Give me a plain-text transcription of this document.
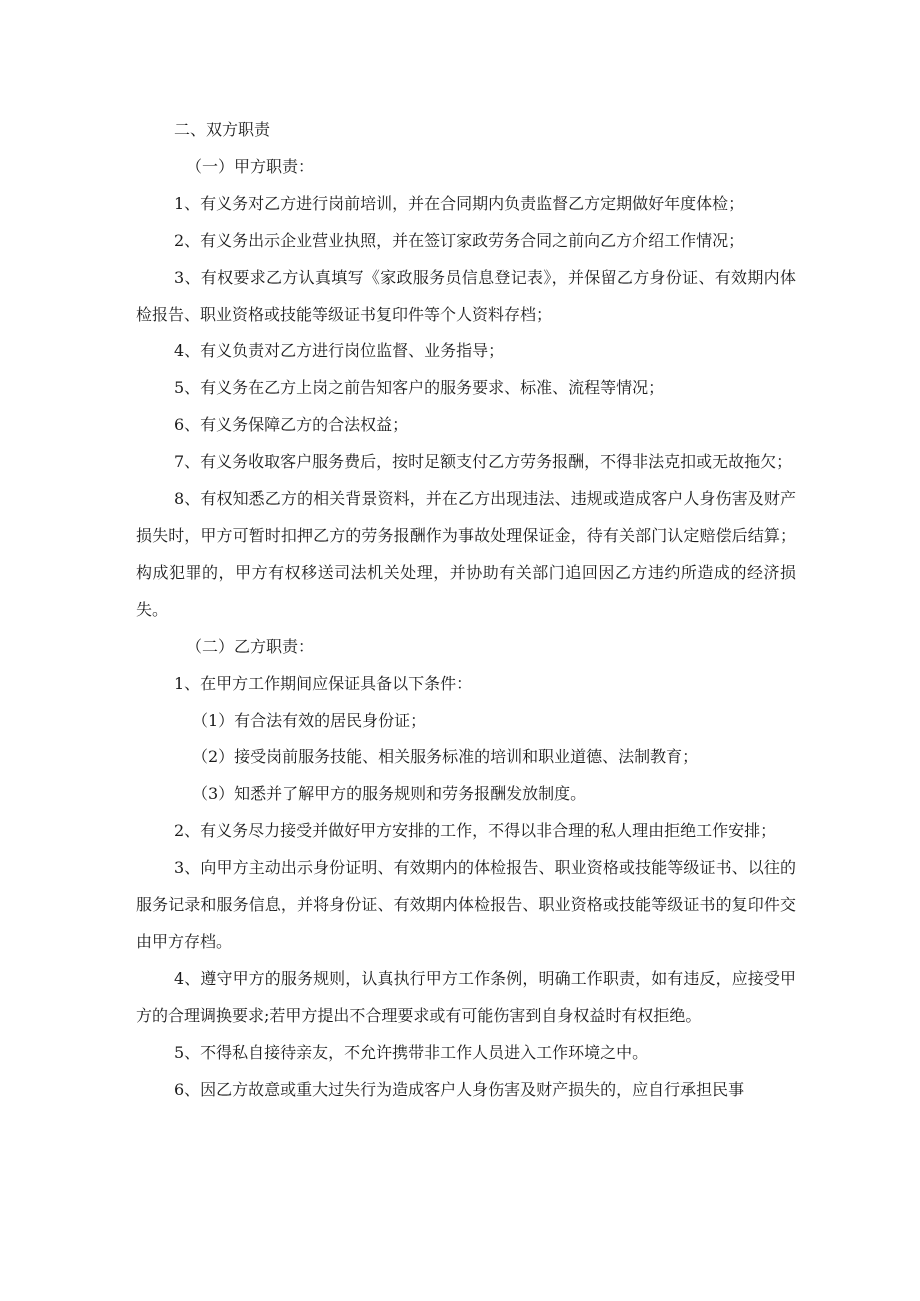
二、双方职责

（一）甲方职责：

1、有义务对乙方进行岗前培训，并在合同期内负责监督乙方定期做好年度体检；

2、有义务出示企业营业执照，并在签订家政劳务合同之前向乙方介绍工作情况；

3、有权要求乙方认真填写《家政服务员信息登记表》，并保留乙方身份证、有效期内体检报告、职业资格或技能等级证书复印件等个人资料存档；

4、有义负责对乙方进行岗位监督、业务指导；

5、有义务在乙方上岗之前告知客户的服务要求、标准、流程等情况；

6、有义务保障乙方的合法权益；

7、有义务收取客户服务费后，按时足额支付乙方劳务报酬，不得非法克扣或无故拖欠；

8、有权知悉乙方的相关背景资料，并在乙方出现违法、违规或造成客户人身伤害及财产损失时，甲方可暂时扣押乙方的劳务报酬作为事故处理保证金，待有关部门认定赔偿后结算；构成犯罪的，甲方有权移送司法机关处理，并协助有关部门追回因乙方违约所造成的经济损失。

（二）乙方职责：

1、在甲方工作期间应保证具备以下条件：

（1）有合法有效的居民身份证；

（2）接受岗前服务技能、相关服务标准的培训和职业道德、法制教育；

（3）知悉并了解甲方的服务规则和劳务报酬发放制度。

2、有义务尽力接受并做好甲方安排的工作，不得以非合理的私人理由拒绝工作安排；

3、向甲方主动出示身份证明、有效期内的体检报告、职业资格或技能等级证书、以往的服务记录和服务信息，并将身份证、有效期内体检报告、职业资格或技能等级证书的复印件交由甲方存档。

4、遵守甲方的服务规则，认真执行甲方工作条例，明确工作职责，如有违反，应接受甲方的合理调换要求;若甲方提出不合理要求或有可能伤害到自身权益时有权拒绝。

5、不得私自接待亲友，不允许携带非工作人员进入工作环境之中。

6、因乙方故意或重大过失行为造成客户人身伤害及财产损失的，应自行承担民事
